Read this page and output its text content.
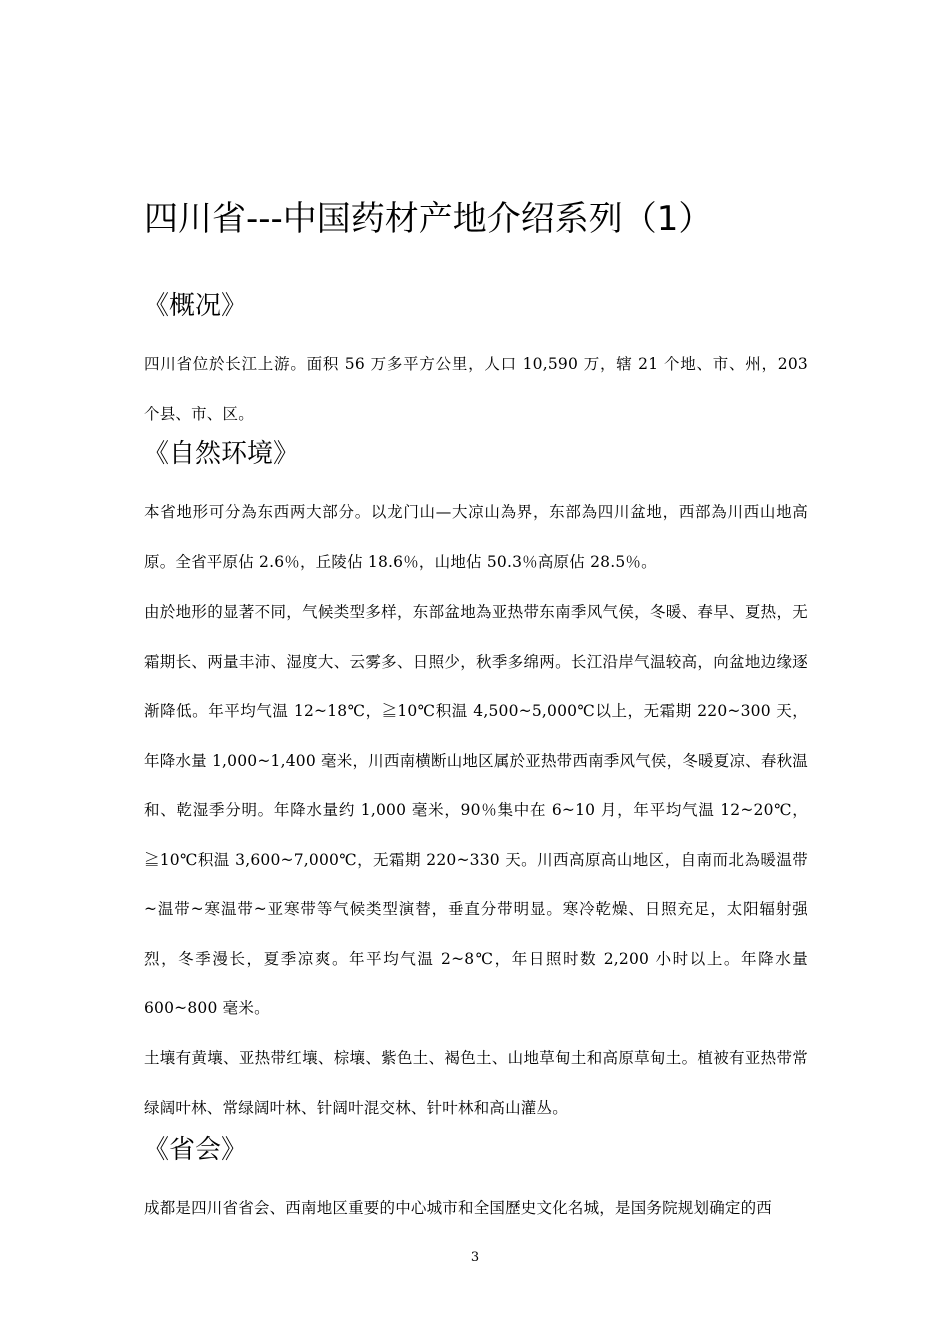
四川省---中国药材产地介绍系列（1）
《概况》
四川省位於长江上游。面积 56 万多平方公里，人口 10,590 万，辖 21 个地、市、州，203 个县、市、区。
《自然环境》
本省地形可分為东西两大部分。以龙门山—大凉山為界，东部為四川盆地，西部為川西山地高原。全省平原佔 2.6％，丘陵佔 18.6％，山地佔 50.3％高原佔 28.5％。
由於地形的显著不同，气候类型多样，东部盆地為亚热带东南季风气侯，冬暖、春早、夏热，无霜期长、两量丰沛、湿度大、云雾多、日照少，秋季多绵两。长江沿岸气温较高，向盆地边缘逐渐降低。年平均气温 12~18℃，≧10℃积温 4,500~5,000℃以上，无霜期 220~300 天，年降水量 1,000~1,400 毫米，川西南横断山地区属於亚热带西南季风气侯，冬暖夏凉、春秋温和、乾湿季分明。年降水量约 1,000 毫米，90％集中在 6~10 月，年平均气温 12~20℃，≧10℃积温 3,600~7,000℃，无霜期 220~330 天。川西高原高山地区，自南而北為暖温带~温带~寒温带~亚寒带等气候类型演替，垂直分带明显。寒冷乾燥、日照充足，太阳辐射强烈，冬季漫长，夏季凉爽。年平均气温 2~8℃，年日照时数 2,200 小时以上。年降水量 600~800 毫米。
土壤有黄壤、亚热带红壤、棕壤、紫色土、褐色土、山地草甸土和高原草甸土。植被有亚热带常绿阔叶林、常绿阔叶林、针阔叶混交林、针叶林和高山灌丛。
《省会》
成都是四川省省会、西南地区重要的中心城市和全国歷史文化名城，是国务院规划确定的西
3
